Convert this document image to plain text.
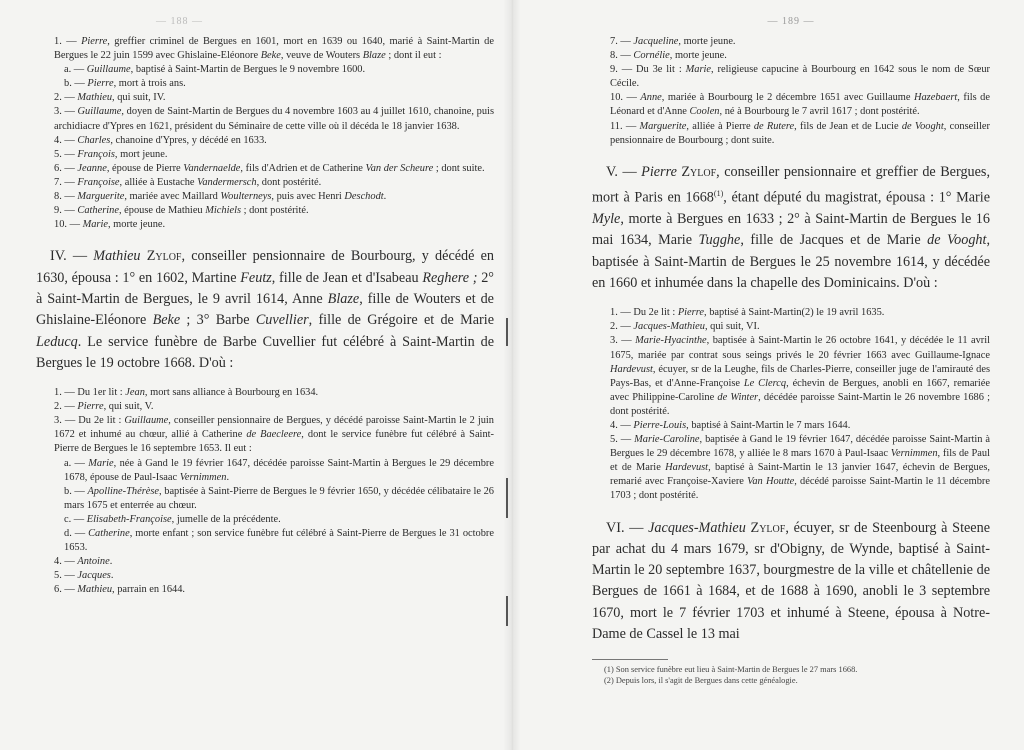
— 188 —
1. — Pierre, greffier criminel de Bergues en 1601, mort en 1639 ou 1640, marié à Saint-Martin de Bergues le 22 juin 1599 avec Ghislaine-Eléonore Beke, veuve de Wouters Blaze ; dont il eut :
a. — Guillaume, baptisé à Saint-Martin de Bergues le 9 novembre 1600.
b. — Pierre, mort à trois ans.
2. — Mathieu, qui suit, IV.
3. — Guillaume, doyen de Saint-Martin de Bergues du 4 novembre 1603 au 4 juillet 1610, chanoine, puis archidiacre d'Ypres en 1621, président du Séminaire de cette ville où il décéda le 18 janvier 1638.
4. — Charles, chanoine d'Ypres, y décédé en 1633.
5. — François, mort jeune.
6. — Jeanne, épouse de Pierre Vandernaelde, fils d'Adrien et de Catherine Van der Scheure ; dont suite.
7. — Françoise, alliée à Eustache Vandermersch, dont postérité.
8. — Marguerite, mariée avec Maillard Woulterneys, puis avec Henri Deschodt.
9. — Catherine, épouse de Mathieu Michiels ; dont postérité.
10. — Marie, morte jeune.

IV. — Mathieu Zylof, conseiller pensionnaire de Bourbourg, y décédé en 1630, épousa : 1° en 1602, Martine Feutz, fille de Jean et d'Isabeau Reghere ; 2° à Saint-Martin de Bergues, le 9 avril 1614, Anne Blaze, fille de Wouters et de Ghislaine-Eléonore Beke ; 3° Barbe Cuvellier, fille de Grégoire et de Marie Leducq. Le service funèbre de Barbe Cuvellier fut célébré à Saint-Martin de Bergues le 19 octobre 1668. D'où :

1. — Du 1er lit : Jean, mort sans alliance à Bourbourg en 1634.
2. — Pierre, qui suit, V.
3. — Du 2e lit : Guillaume, conseiller pensionnaire de Bergues, y décédé paroisse Saint-Martin le 2 juin 1672 et inhumé au chœur, allié à Catherine de Baecleere, dont le service funèbre fut célébré à Saint-Pierre de Bergues le 16 septembre 1653. Il eut :
a. — Marie, née à Gand le 19 février 1647, décédée paroisse Saint-Martin à Bergues le 29 décembre 1678, épouse de Paul-Isaac Vernimmen.
b. — Apolline-Thérèse, baptisée à Saint-Pierre de Bergues le 9 février 1650, y décédée célibataire le 26 mars 1675 et enterrée au chœur.
c. — Elisabeth-Françoise, jumelle de la précédente.
d. — Catherine, morte enfant ; son service funèbre fut célébré à Saint-Pierre de Bergues le 31 octobre 1653.
4. — Antoine.
5. — Jacques.
6. — Mathieu, parrain en 1644.
— 189 —
7. — Jacqueline, morte jeune.
8. — Cornélie, morte jeune.
9. — Du 3e lit : Marie, religieuse capucine à Bourbourg en 1642 sous le nom de Sœur Cécile.
10. — Anne, mariée à Bourbourg le 2 décembre 1651 avec Guillaume Hazebaert, fils de Léonard et d'Anne Coolen, né à Bourbourg le 7 avril 1617 ; dont postérité.
11. — Marguerite, alliée à Pierre de Rutere, fils de Jean et de Lucie de Vooght, conseiller pensionnaire de Bourbourg ; dont suite.

V. — Pierre Zylof, conseiller pensionnaire et greffier de Bergues, mort à Paris en 1668$^{(1)}$, étant député du magistrat, épousa : 1° Marie Myle, morte à Bergues en 1633 ; 2° à Saint-Martin de Bergues le 16 mai 1634, Marie Tugghe, fille de Jacques et de Marie de Vooght, baptisée à Saint-Martin de Bergues le 25 novembre 1614, y décédée en 1660 et inhumée dans la chapelle des Dominicains. D'où :

1. — Du 2e lit : Pierre, baptisé à Saint-Martin(2) le 19 avril 1635.
2. — Jacques-Mathieu, qui suit, VI.
3. — Marie-Hyacinthe, baptisée à Saint-Martin le 26 octobre 1641, y décédée le 11 avril 1675, mariée par contrat sous seings privés le 20 février 1663 avec Guillaume-Ignace Hardevust, écuyer, sr de la Leughe, fils de Charles-Pierre, conseiller juge de l'amirauté des Pays-Bas, et d'Anne-Françoise Le Clercq, échevin de Bergues, anobli en 1667, remariée avec Philippine-Caroline de Winter, décédée paroisse Saint-Martin le 26 novembre 1686 ; dont postérité.
4. — Pierre-Louis, baptisé à Saint-Martin le 7 mars 1644.
5. — Marie-Caroline, baptisée à Gand le 19 février 1647, décédée paroisse Saint-Martin à Bergues le 29 décembre 1678, y alliée le 8 mars 1670 à Paul-Isaac Vernimmen, fils de Paul et de Marie Hardevust, baptisé à Saint-Martin le 13 janvier 1647, échevin de Bergues, remarié avec Françoise-Xaviere Van Houtte, décédé paroisse Saint-Martin le 11 décembre 1703 ; dont postérité.

VI. — Jacques-Mathieu Zylof, écuyer, sr de Steenbourg à Steene par achat du 4 mars 1679, sr d'Obigny, de Wynde, baptisé à Saint-Martin le 20 septembre 1637, bourgmestre de la ville et châtellenie de Bergues de 1661 à 1684, et de 1688 à 1690, anobli le 3 septembre 1670, mort le 7 février 1703 et inhumé à Steene, épousa à Notre-Dame de Cassel le 13 mai

(1) Son service funèbre eut lieu à Saint-Martin de Bergues le 27 mars 1668.
(2) Depuis lors, il s'agit de Bergues dans cette généalogie.
